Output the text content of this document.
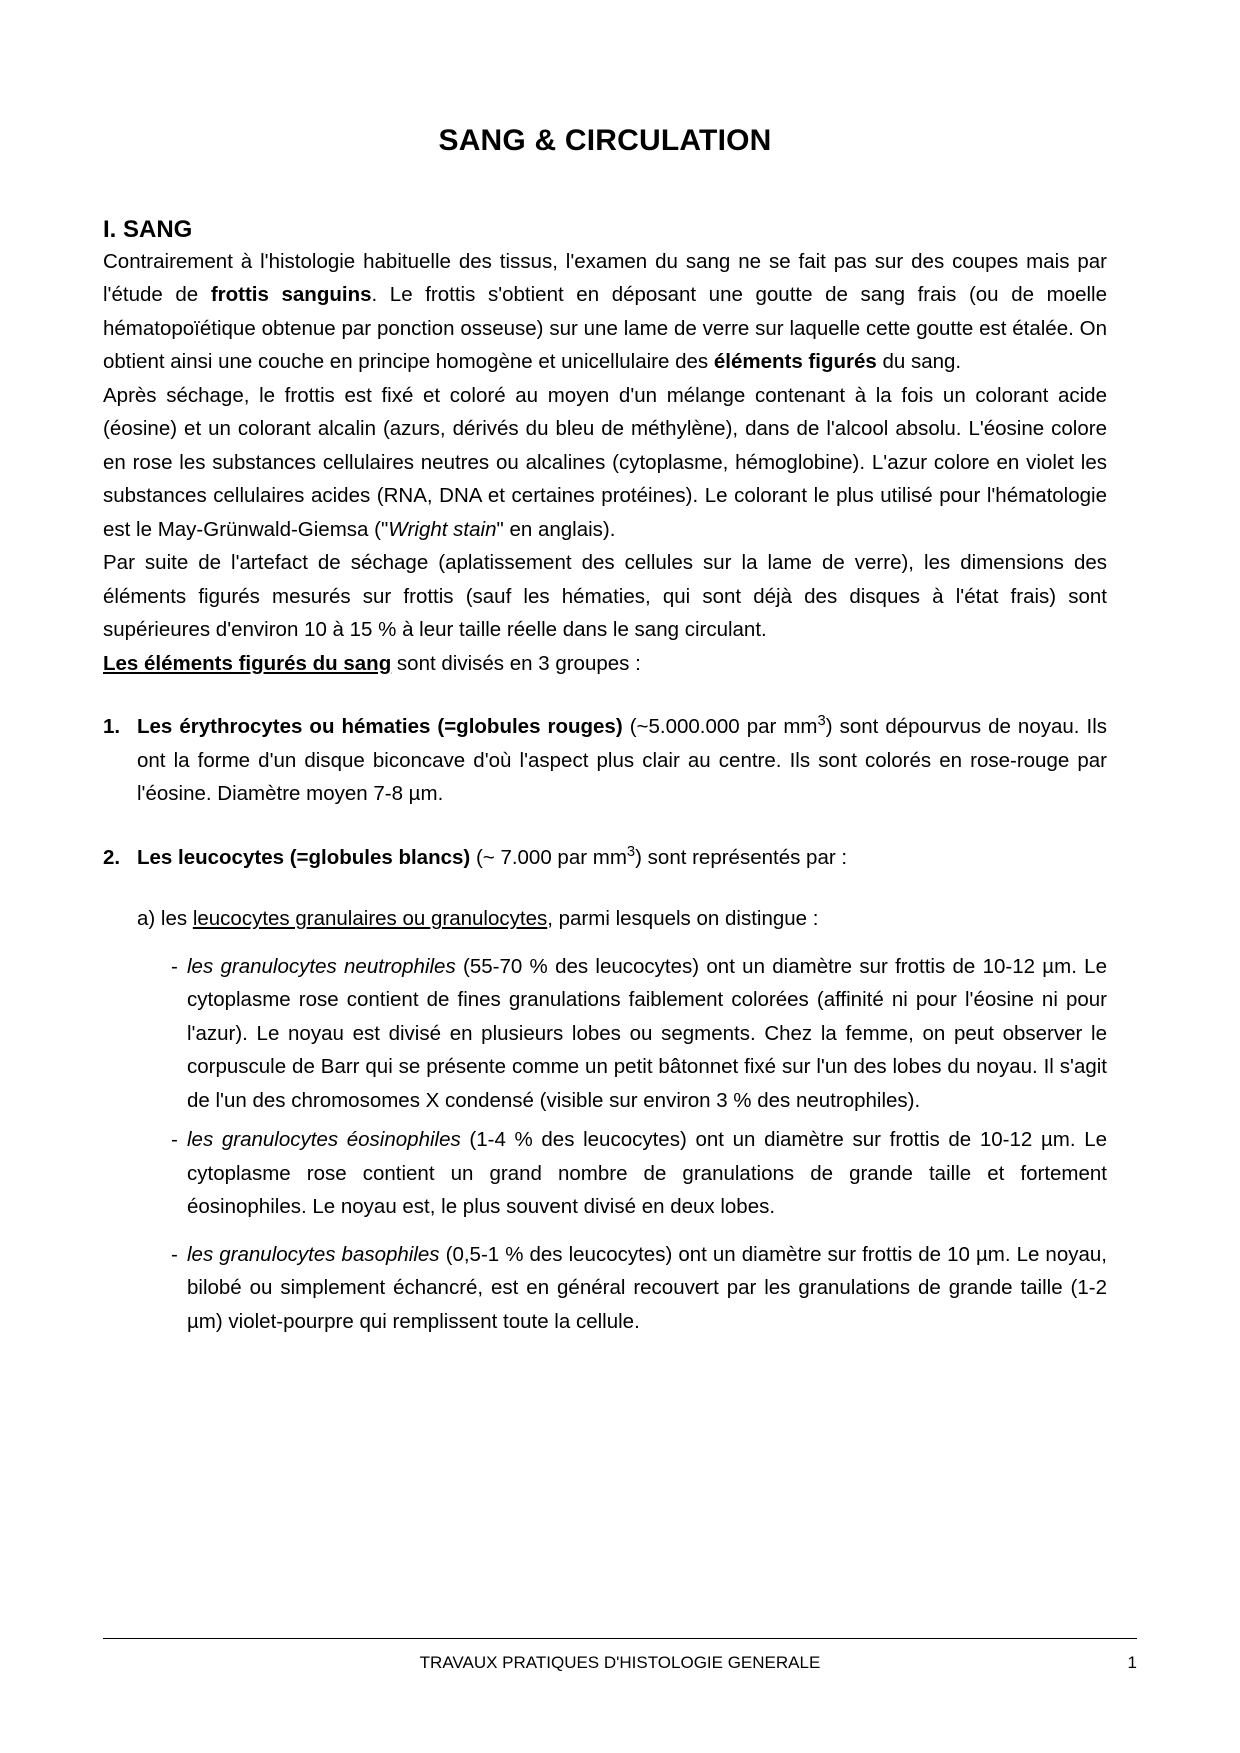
SANG & CIRCULATION
I. SANG

Contrairement à l'histologie habituelle des tissus, l'examen du sang ne se fait pas sur des coupes mais par l'étude de frottis sanguins. Le frottis s'obtient en déposant une goutte de sang frais (ou de moelle hématopoïétique obtenue par ponction osseuse) sur une lame de verre sur laquelle cette goutte est étalée. On obtient ainsi une couche en principe homogène et unicellulaire des éléments figurés du sang.

Après séchage, le frottis est fixé et coloré au moyen d'un mélange contenant à la fois un colorant acide (éosine) et un colorant alcalin (azurs, dérivés du bleu de méthylène), dans de l'alcool absolu. L'éosine colore en rose les substances cellulaires neutres ou alcalines (cytoplasme, hémoglobine). L'azur colore en violet les substances cellulaires acides (RNA, DNA et certaines protéines). Le colorant le plus utilisé pour l'hématologie est le May-Grünwald-Giemsa ("Wright stain" en anglais).

Par suite de l'artefact de séchage (aplatissement des cellules sur la lame de verre), les dimensions des éléments figurés mesurés sur frottis (sauf les hématies, qui sont déjà des disques à l'état frais) sont supérieures d'environ 10 à 15 % à leur taille réelle dans le sang circulant.

Les éléments figurés du sang sont divisés en 3 groupes :

1. Les érythrocytes ou hématies (=globules rouges) (~5.000.000 par $mm^3$) sont dépourvus de noyau. Ils ont la forme d'un disque biconcave d'où l'aspect plus clair au centre. Ils sont colorés en rose-rouge par l'éosine. Diamètre moyen 7-8 µm.
2. Les leucocytes (=globules blancs) (~ 7.000 par $mm^3$) sont représentés par :
a) les leucocytes granulaires ou granulocytes, parmi lesquels on distingue :
- les granulocytes neutrophiles (55-70 % des leucocytes) ont un diamètre sur frottis de 10-12 µm. Le cytoplasme rose contient de fines granulations faiblement colorées (affinité ni pour l'éosine ni pour l'azur). Le noyau est divisé en plusieurs lobes ou segments. Chez la femme, on peut observer le corpuscule de Barr qui se présente comme un petit bâtonnet fixé sur l'un des lobes du noyau. Il s'agit de l'un des chromosomes X condensé (visible sur environ 3 % des neutrophiles).
- les granulocytes éosinophiles (1-4 % des leucocytes) ont un diamètre sur frottis de 10-12 µm. Le cytoplasme rose contient un grand nombre de granulations de grande taille et fortement éosinophiles. Le noyau est, le plus souvent divisé en deux lobes.
- les granulocytes basophiles (0,5-1 % des leucocytes) ont un diamètre sur frottis de 10 µm. Le noyau, bilobé ou simplement échancré, est en général recouvert par les granulations de grande taille (1-2 µm) violet-pourpre qui remplissent toute la cellule.
TRAVAUX PRATIQUES D'HISTOLOGIE GENERALE	1
